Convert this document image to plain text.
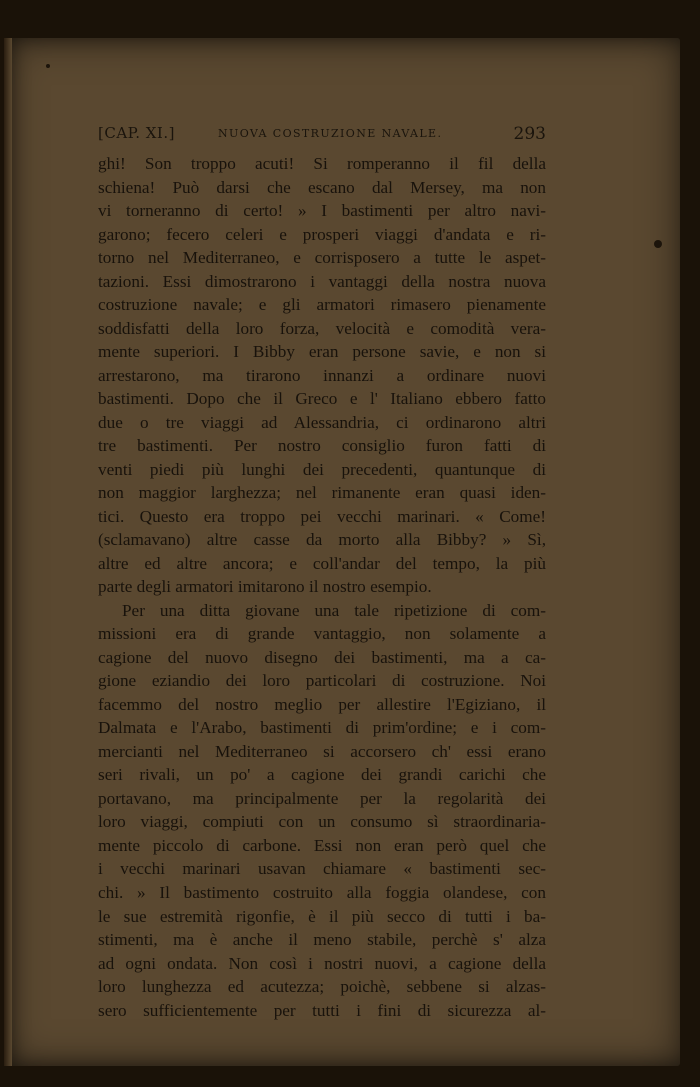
[CAP. XI.]	NUOVA COSTRUZIONE NAVALE.	293
ghi! Son troppo acuti! Si romperanno il fil della
schiena! Può darsi che escano dal Mersey, ma non
vi torneranno di certo! » I bastimenti per altro navi-
garono; fecero celeri e prosperi viaggi d'andata e ri-
torno nel Mediterraneo, e corrisposero a tutte le aspet-
tazioni. Essi dimostrarono i vantaggi della nostra nuova
costruzione navale; e gli armatori rimasero pienamente
soddisfatti della loro forza, velocità e comodità vera-
mente superiori. I Bibby eran persone savie, e non si
arrestarono, ma tirarono innanzi a ordinare nuovi
bastimenti. Dopo che il Greco e l' Italiano ebbero fatto
due o tre viaggi ad Alessandria, ci ordinarono altri
tre bastimenti. Per nostro consiglio furon fatti di
venti piedi più lunghi dei precedenti, quantunque di
non maggior larghezza; nel rimanente eran quasi iden-
tici. Questo era troppo pei vecchi marinari. « Come!
(sclamavano) altre casse da morto alla Bibby? » Sì,
altre ed altre ancora; e coll'andar del tempo, la più
parte degli armatori imitarono il nostro esempio.
Per una ditta giovane una tale ripetizione di com-
missioni era di grande vantaggio, non solamente a
cagione del nuovo disegno dei bastimenti, ma a ca-
gione eziandio dei loro particolari di costruzione. Noi
facemmo del nostro meglio per allestire l'Egiziano, il
Dalmata e l'Arabo, bastimenti di prim'ordine; e i com-
mercianti nel Mediterraneo si accorsero ch' essi erano
seri rivali, un po' a cagione dei grandi carichi che
portavano, ma principalmente per la regolarità dei
loro viaggi, compiuti con un consumo sì straordinaria-
mente piccolo di carbone. Essi non eran però quel che
i vecchi marinari usavan chiamare « bastimenti sec-
chi. » Il bastimento costruito alla foggia olandese, con
le sue estremità rigonfie, è il più secco di tutti i ba-
stimenti, ma è anche il meno stabile, perchè s' alza
ad ogni ondata. Non così i nostri nuovi, a cagione della
loro lunghezza ed acutezza; poichè, sebbene si alzas-
sero sufficientemente per tutti i fini di sicurezza al-
